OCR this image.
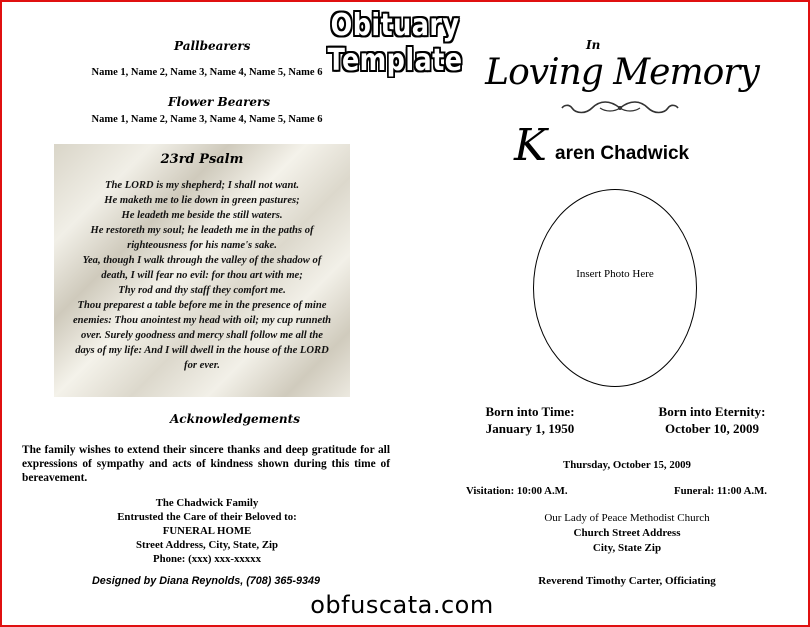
Obituary Template
Pallbearers
Name 1, Name 2, Name 3, Name 4, Name 5, Name 6
Flower Bearers
Name 1, Name 2, Name 3, Name 4, Name 5, Name 6
23rd Psalm
The LORD is my shepherd; I shall not want.
He maketh me to lie down in green pastures;
He leadeth me beside the still waters.
He restoreth my soul; he leadeth me in the paths of
righteousness for his name's sake.
Yea, though I walk through the valley of the shadow of
death, I will fear no evil: for thou art with me;
Thy rod and thy staff they comfort me.
Thou preparest a table before me in the presence of mine
enemies: Thou anointest my head with oil; my cup runneth
over. Surely goodness and mercy shall follow me all the
days of my life: And I will dwell in the house of the LORD
for ever.
Acknowledgements
The family wishes to extend their sincere thanks and deep gratitude for all expressions of sympathy and acts of kindness shown during this time of bereavement.
The Chadwick Family
Entrusted the Care of their Beloved to:
FUNERAL HOME
Street Address, City, State, Zip
Phone: (xxx) xxx-xxxxx
Designed by Diana Reynolds, (708) 365-9349
In
Loving Memory
K aren Chadwick
Insert Photo Here
Born into Time:
January 1, 1950
Born into Eternity:
October 10, 2009
Thursday, October 15, 2009
Visitation: 10:00 A.M.	Funeral: 11:00 A.M.
Our Lady of Peace Methodist Church
Church Street Address
City, State Zip
Reverend Timothy Carter, Officiating
obfuscata.com
